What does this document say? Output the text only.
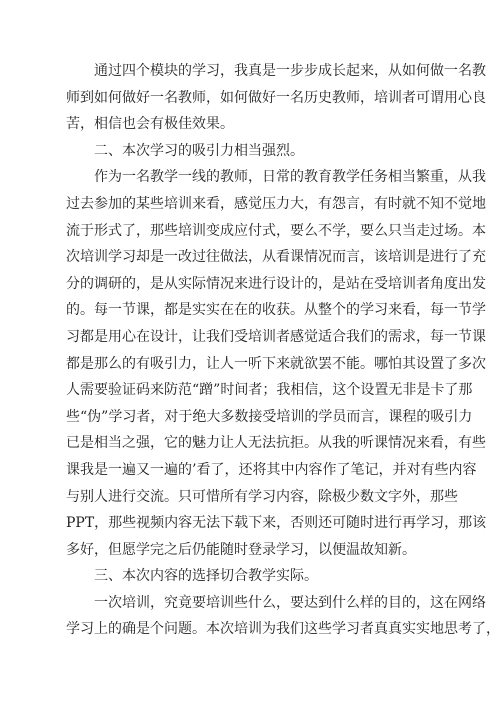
通过四个模块的学习，我真是一步步成长起来，从如何做一名教
师到如何做好一名教师，如何做好一名历史教师，培训者可谓用心良
苦，相信也会有极佳效果。
二、本次学习的吸引力相当强烈。
作为一名教学一线的教师，日常的教育教学任务相当繁重，从我
过去参加的某些培训来看，感觉压力大，有怨言，有时就不知不觉地
流于形式了，那些培训变成应付式，要么不学，要么只当走过场。本
次培训学习却是一改过往做法，从看课情况而言，该培训是进行了充
分的调研的，是从实际情况来进行设计的，是站在受培训者角度出发
的。每一节课，都是实实在在的收获。从整个的学习来看，每一节学
习都是用心在设计，让我们受培训者感觉适合我们的需求，每一节课
都是那么的有吸引力，让人一听下来就欲罢不能。哪怕其设置了多次
人需要验证码来防范“蹭”时间者；我相信，这个设置无非是卡了那
些“伪”学习者，对于绝大多数接受培训的学员而言，课程的吸引力
已是相当之强，它的魅力让人无法抗拒。从我的听课情况来看，有些
课我是一遍又一遍的’看了，还将其中内容作了笔记，并对有些内容
与别人进行交流。只可惜所有学习内容，除极少数文字外，那些
PPT，那些视频内容无法下载下来，否则还可随时进行再学习，那该
多好，但愿学完之后仍能随时登录学习，以便温故知新。
三、本次内容的选择切合教学实际。
一次培训，究竟要培训些什么，要达到什么样的目的，这在网络
学习上的确是个问题。本次培训为我们这些学习者真真实实地思考了，
